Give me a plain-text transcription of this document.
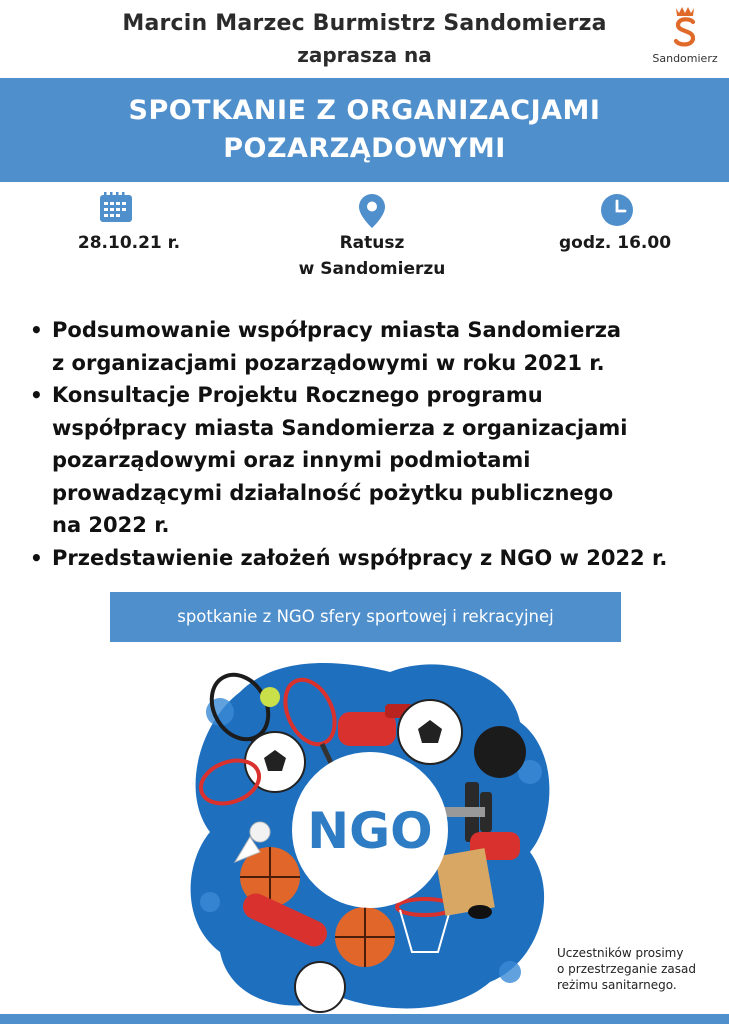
Marcin Marzec Burmistrz Sandomierza
zaprasza na	Sandomierz
SPOTKANIE Z ORGANIZACJAMI
POZARZĄDOWYMI
28.10.21 r.	Ratusz
w Sandomierzu
godz. 16.00
• Podsumowanie współpracy miasta Sandomierza
z organizacjami pozarządowymi w roku 2021 r.
• Konsultacje Projektu Rocznego programu
współpracy miasta Sandomierza z organizacjami
pozarządowymi oraz innymi podmiotami
prowadzącymi działalność pożytku publicznego
na 2022 r.
• Przedstawienie założeń współpracy z NGO w 2022 r.
spotkanie z NGO sfery sportowej i rekracyjnej
NGO
Uczestników prosimy
o przestrzeganie zasad
reżimu sanitarnego.
